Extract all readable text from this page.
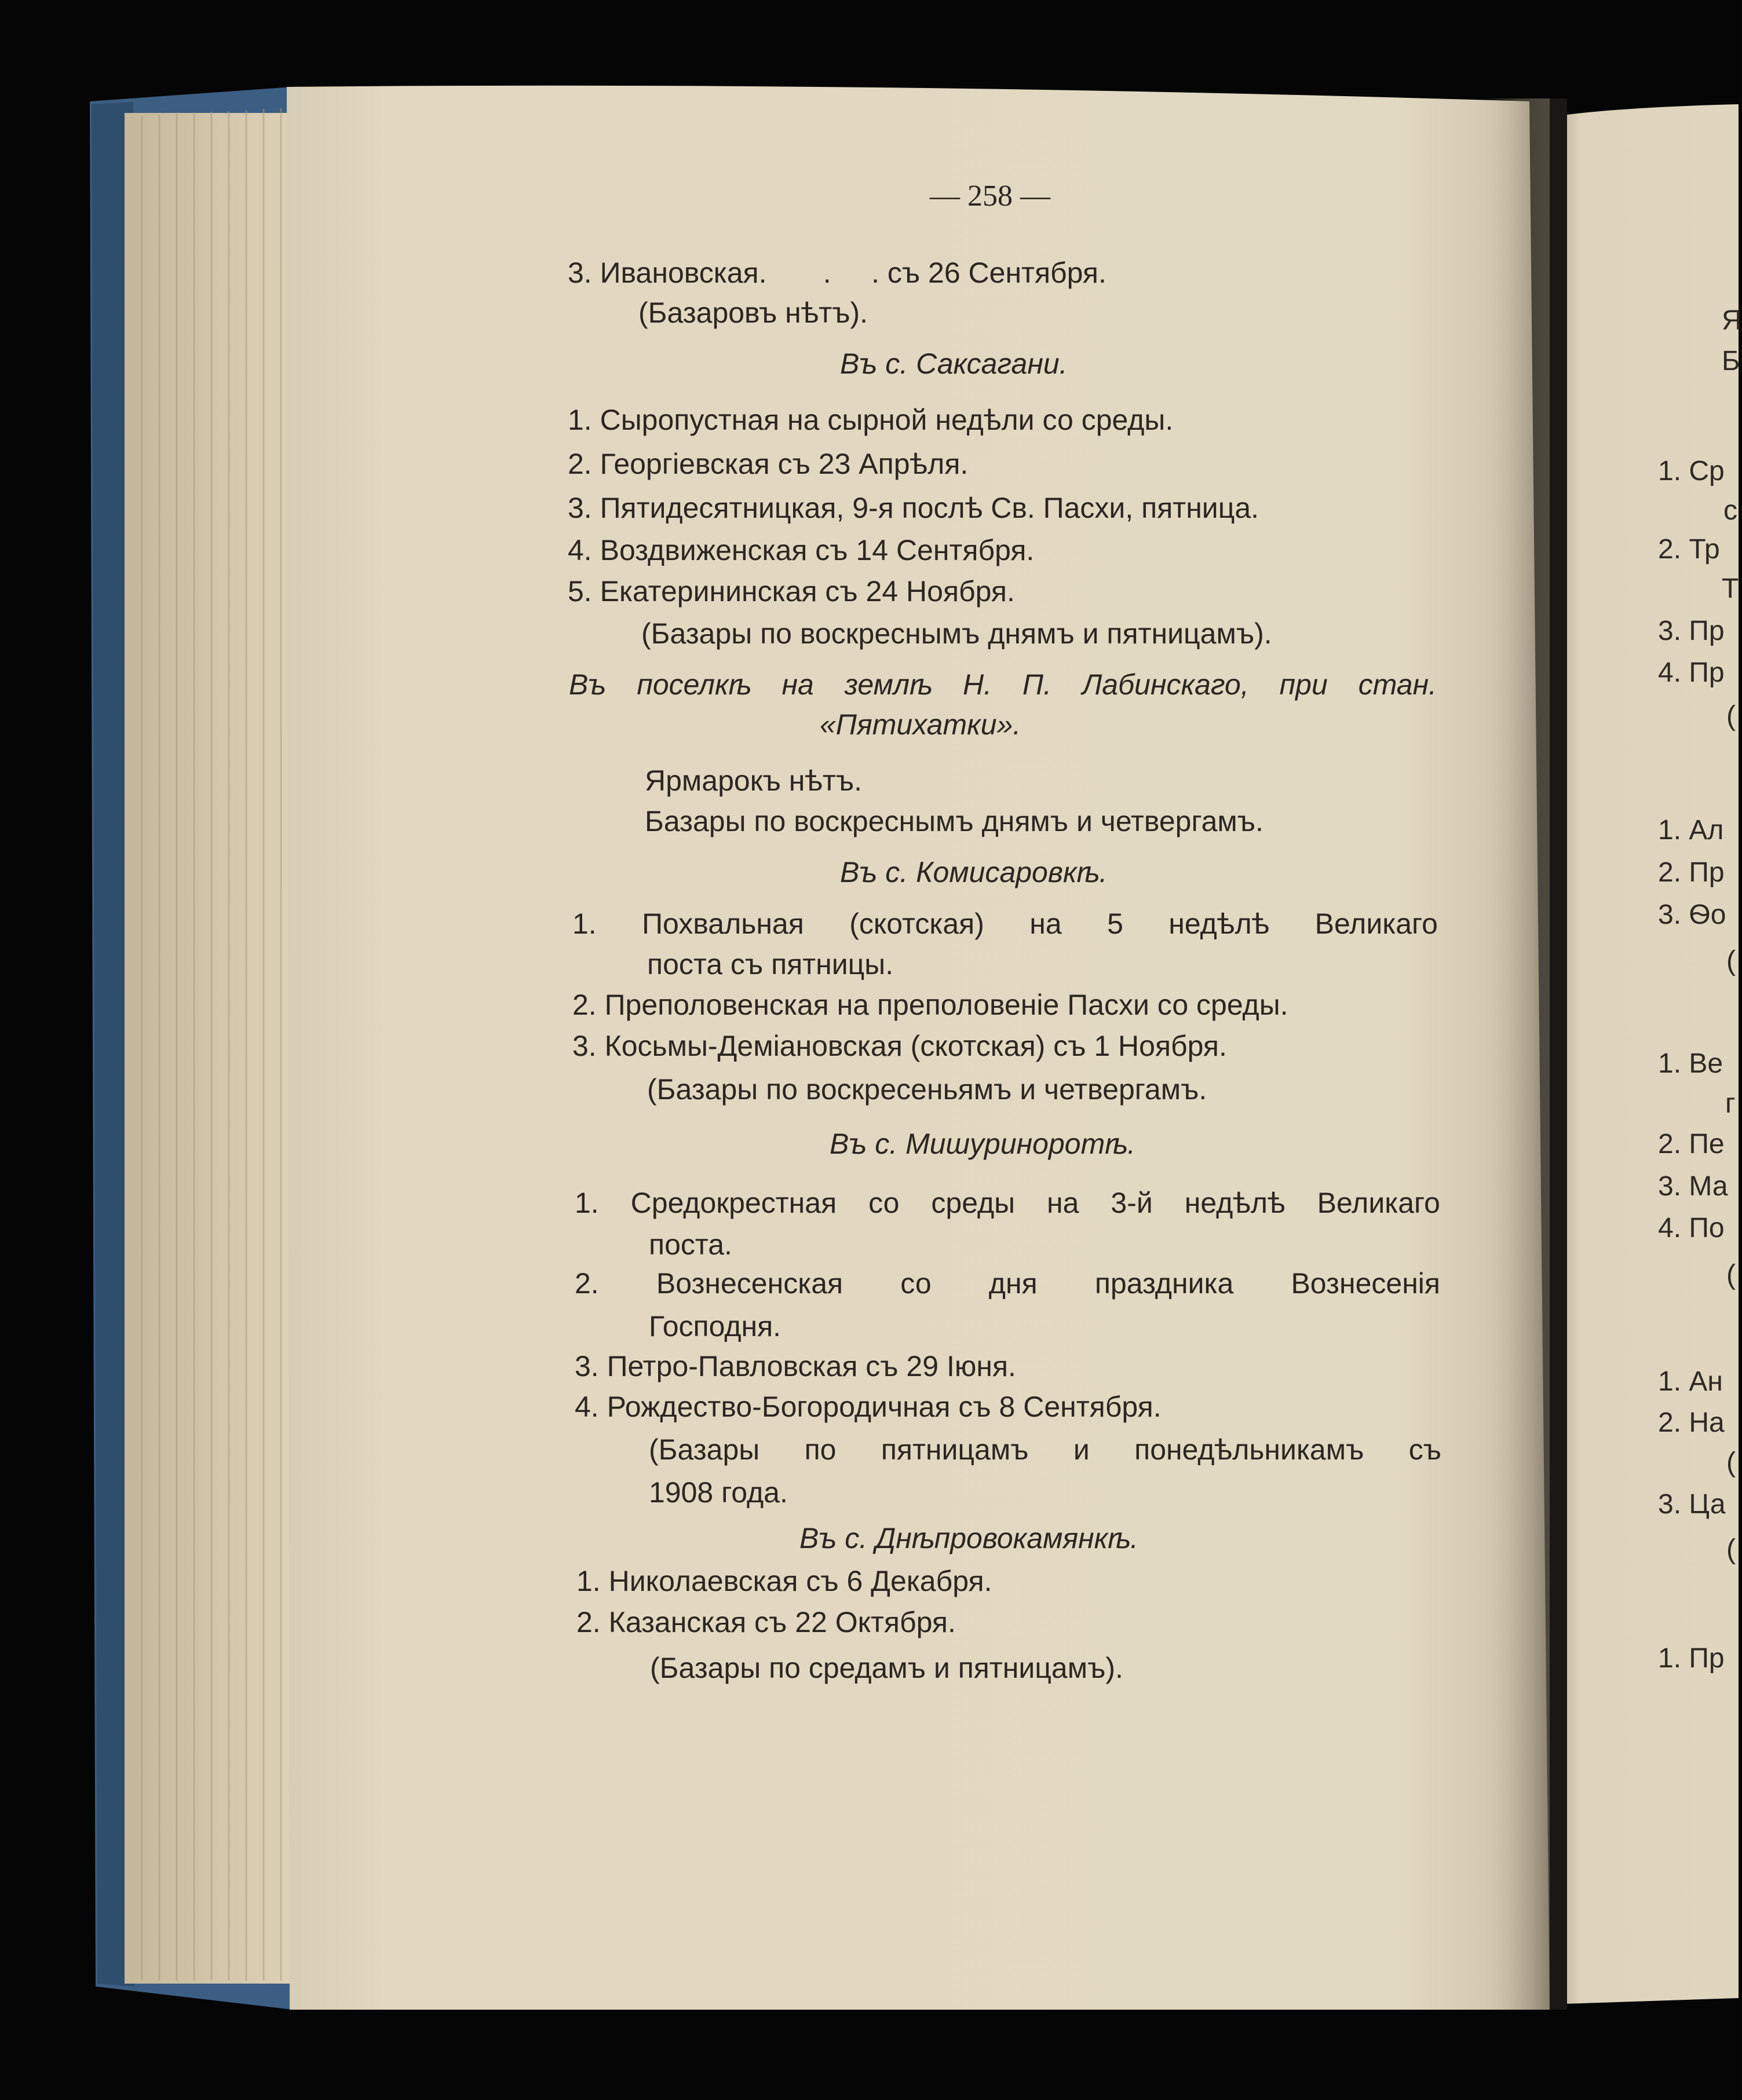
— 258 —
3. Ивановская.       .     . съ 26 Сентября.
(Базаровъ нѣтъ).
Въ с. Саксагани.
1. Сыропустная на сырной недѣли со среды.
2. Георгіевская съ 23 Апрѣля.
3. Пятидесятницкая, 9-я послѣ Св. Пасхи, пятница.
4. Воздвиженская съ 14 Сентября.
5. Екатерининская съ 24 Ноября.
(Базары по воскреснымъ днямъ и пятницамъ).
Въ поселкѣ на землѣ Н. П. Лабинскаго, при стан.
«Пятихатки».
Ярмарокъ нѣтъ.
Базары по воскреснымъ днямъ и четвергамъ.
Въ с. Комисаровкѣ.
1. Похвальная (скотская) на 5 недѣлѣ Великаго
поста съ пятницы.
2. Преполовенская на преполовеніе Пасхи со среды.
3. Косьмы-Деміановская (скотская) съ 1 Ноября.
(Базары по воскресеньямъ и четвергамъ.
Въ с. Мишуриноротѣ.
1. Средокрестная со среды на 3-й недѣлѣ Великаго
поста.
2. Вознесенская со дня праздника Вознесенія
Господня.
3. Петро-Павловская съ 29 Іюня.
4. Рождество-Богородичная съ 8 Сентября.
(Базары по пятницамъ и понедѣльникамъ съ
1908 года.
Въ с. Днѣпровокамянкѣ.
1. Николаевская съ 6 Декабря.
2. Казанская съ 22 Октября.
(Базары по средамъ и пятницамъ).
Я
Б
1. Ср
с
2. Тр
Т
3. Пр
4. Пр
(
1. Ал
2. Пр
3. Ѳо
(
1. Ве
г
2. Пе
3. Ма
4. По
(
1. Ан
2. На
(
3. Ца
(
1. Пр
